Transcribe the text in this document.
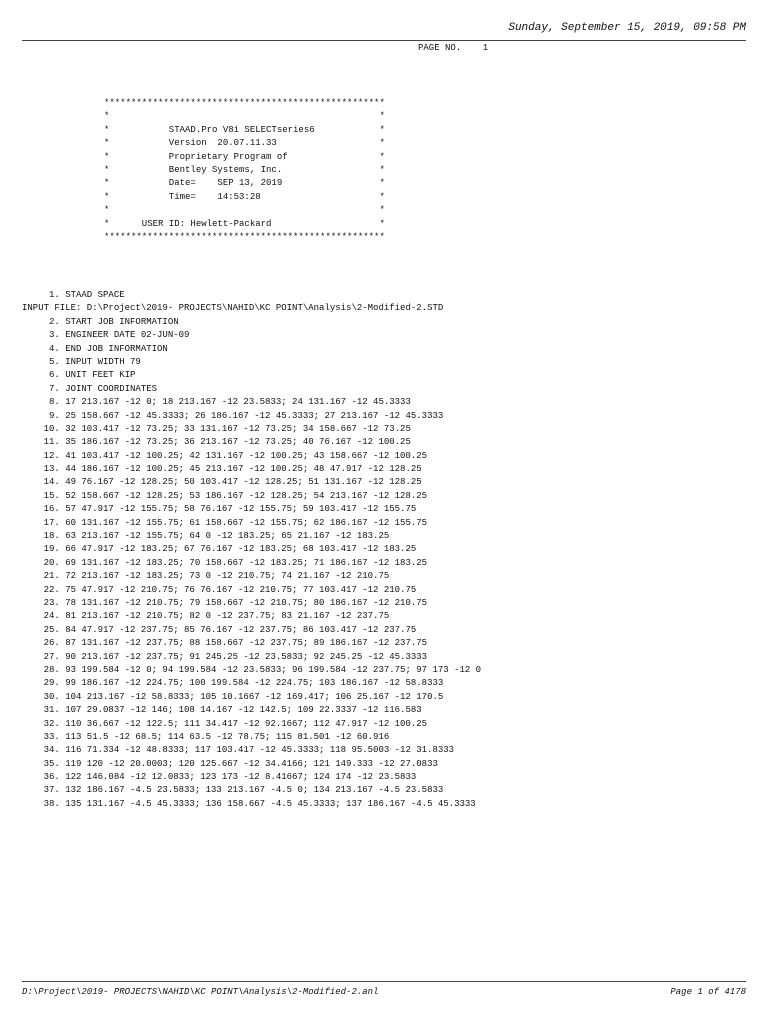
Sunday, September 15, 2019, 09:58 PM
PAGE NO.    1
****************************************************
*                                                  *
*           STAAD.Pro V8i SELECTseries6            *
*           Version  20.07.11.33                   *
*           Proprietary Program of                 *
*           Bentley Systems, Inc.                  *
*           Date=    SEP 13, 2019                  *
*           Time=    14:53:28                      *
*                                                  *
*      USER ID: Hewlett-Packard                    *
****************************************************
1. STAAD SPACE
INPUT FILE: D:\Project\2019- PROJECTS\NAHID\KC POINT\Analysis\2-Modified-2.STD
2. START JOB INFORMATION
3. ENGINEER DATE 02-JUN-09
4. END JOB INFORMATION
5. INPUT WIDTH 79
6. UNIT FEET KIP
7. JOINT COORDINATES
8. 17 213.167 -12 0; 18 213.167 -12 23.5833; 24 131.167 -12 45.3333
9. 25 158.667 -12 45.3333; 26 186.167 -12 45.3333; 27 213.167 -12 45.3333
10. 32 103.417 -12 73.25; 33 131.167 -12 73.25; 34 158.667 -12 73.25
11. 35 186.167 -12 73.25; 36 213.167 -12 73.25; 40 76.167 -12 100.25
12. 41 103.417 -12 100.25; 42 131.167 -12 100.25; 43 158.667 -12 100.25
13. 44 186.167 -12 100.25; 45 213.167 -12 100.25; 48 47.917 -12 128.25
14. 49 76.167 -12 128.25; 50 103.417 -12 128.25; 51 131.167 -12 128.25
15. 52 158.667 -12 128.25; 53 186.167 -12 128.25; 54 213.167 -12 128.25
16. 57 47.917 -12 155.75; 58 76.167 -12 155.75; 59 103.417 -12 155.75
17. 60 131.167 -12 155.75; 61 158.667 -12 155.75; 62 186.167 -12 155.75
18. 63 213.167 -12 155.75; 64 0 -12 183.25; 65 21.167 -12 183.25
19. 66 47.917 -12 183.25; 67 76.167 -12 183.25; 68 103.417 -12 183.25
20. 69 131.167 -12 183.25; 70 158.667 -12 183.25; 71 186.167 -12 183.25
21. 72 213.167 -12 183.25; 73 0 -12 210.75; 74 21.167 -12 210.75
22. 75 47.917 -12 210.75; 76 76.167 -12 210.75; 77 103.417 -12 210.75
23. 78 131.167 -12 210.75; 79 158.667 -12 210.75; 80 186.167 -12 210.75
24. 81 213.167 -12 210.75; 82 0 -12 237.75; 83 21.167 -12 237.75
25. 84 47.917 -12 237.75; 85 76.167 -12 237.75; 86 103.417 -12 237.75
26. 87 131.167 -12 237.75; 88 158.667 -12 237.75; 89 186.167 -12 237.75
27. 90 213.167 -12 237.75; 91 245.25 -12 23.5833; 92 245.25 -12 45.3333
28. 93 199.584 -12 0; 94 199.584 -12 23.5833; 96 199.584 -12 237.75; 97 173 -12 0
29. 99 186.167 -12 224.75; 100 199.584 -12 224.75; 103 186.167 -12 58.8333
30. 104 213.167 -12 58.8333; 105 10.1667 -12 169.417; 106 25.167 -12 170.5
31. 107 29.0837 -12 146; 108 14.167 -12 142.5; 109 22.3337 -12 116.583
32. 110 36.667 -12 122.5; 111 34.417 -12 92.1667; 112 47.917 -12 100.25
33. 113 51.5 -12 68.5; 114 63.5 -12 78.75; 115 81.501 -12 60.916
34. 116 71.334 -12 48.8333; 117 103.417 -12 45.3333; 118 95.5003 -12 31.8333
35. 119 120 -12 20.0003; 120 125.667 -12 34.4166; 121 149.333 -12 27.0833
36. 122 146.084 -12 12.0833; 123 173 -12 8.41667; 124 174 -12 23.5833
37. 132 186.167 -4.5 23.5833; 133 213.167 -4.5 0; 134 213.167 -4.5 23.5833
38. 135 131.167 -4.5 45.3333; 136 158.667 -4.5 45.3333; 137 186.167 -4.5 45.3333
D:\Project\2019- PROJECTS\NAHID\KC POINT\Analysis\2-Modified-2.anl	Page 1 of 4178
